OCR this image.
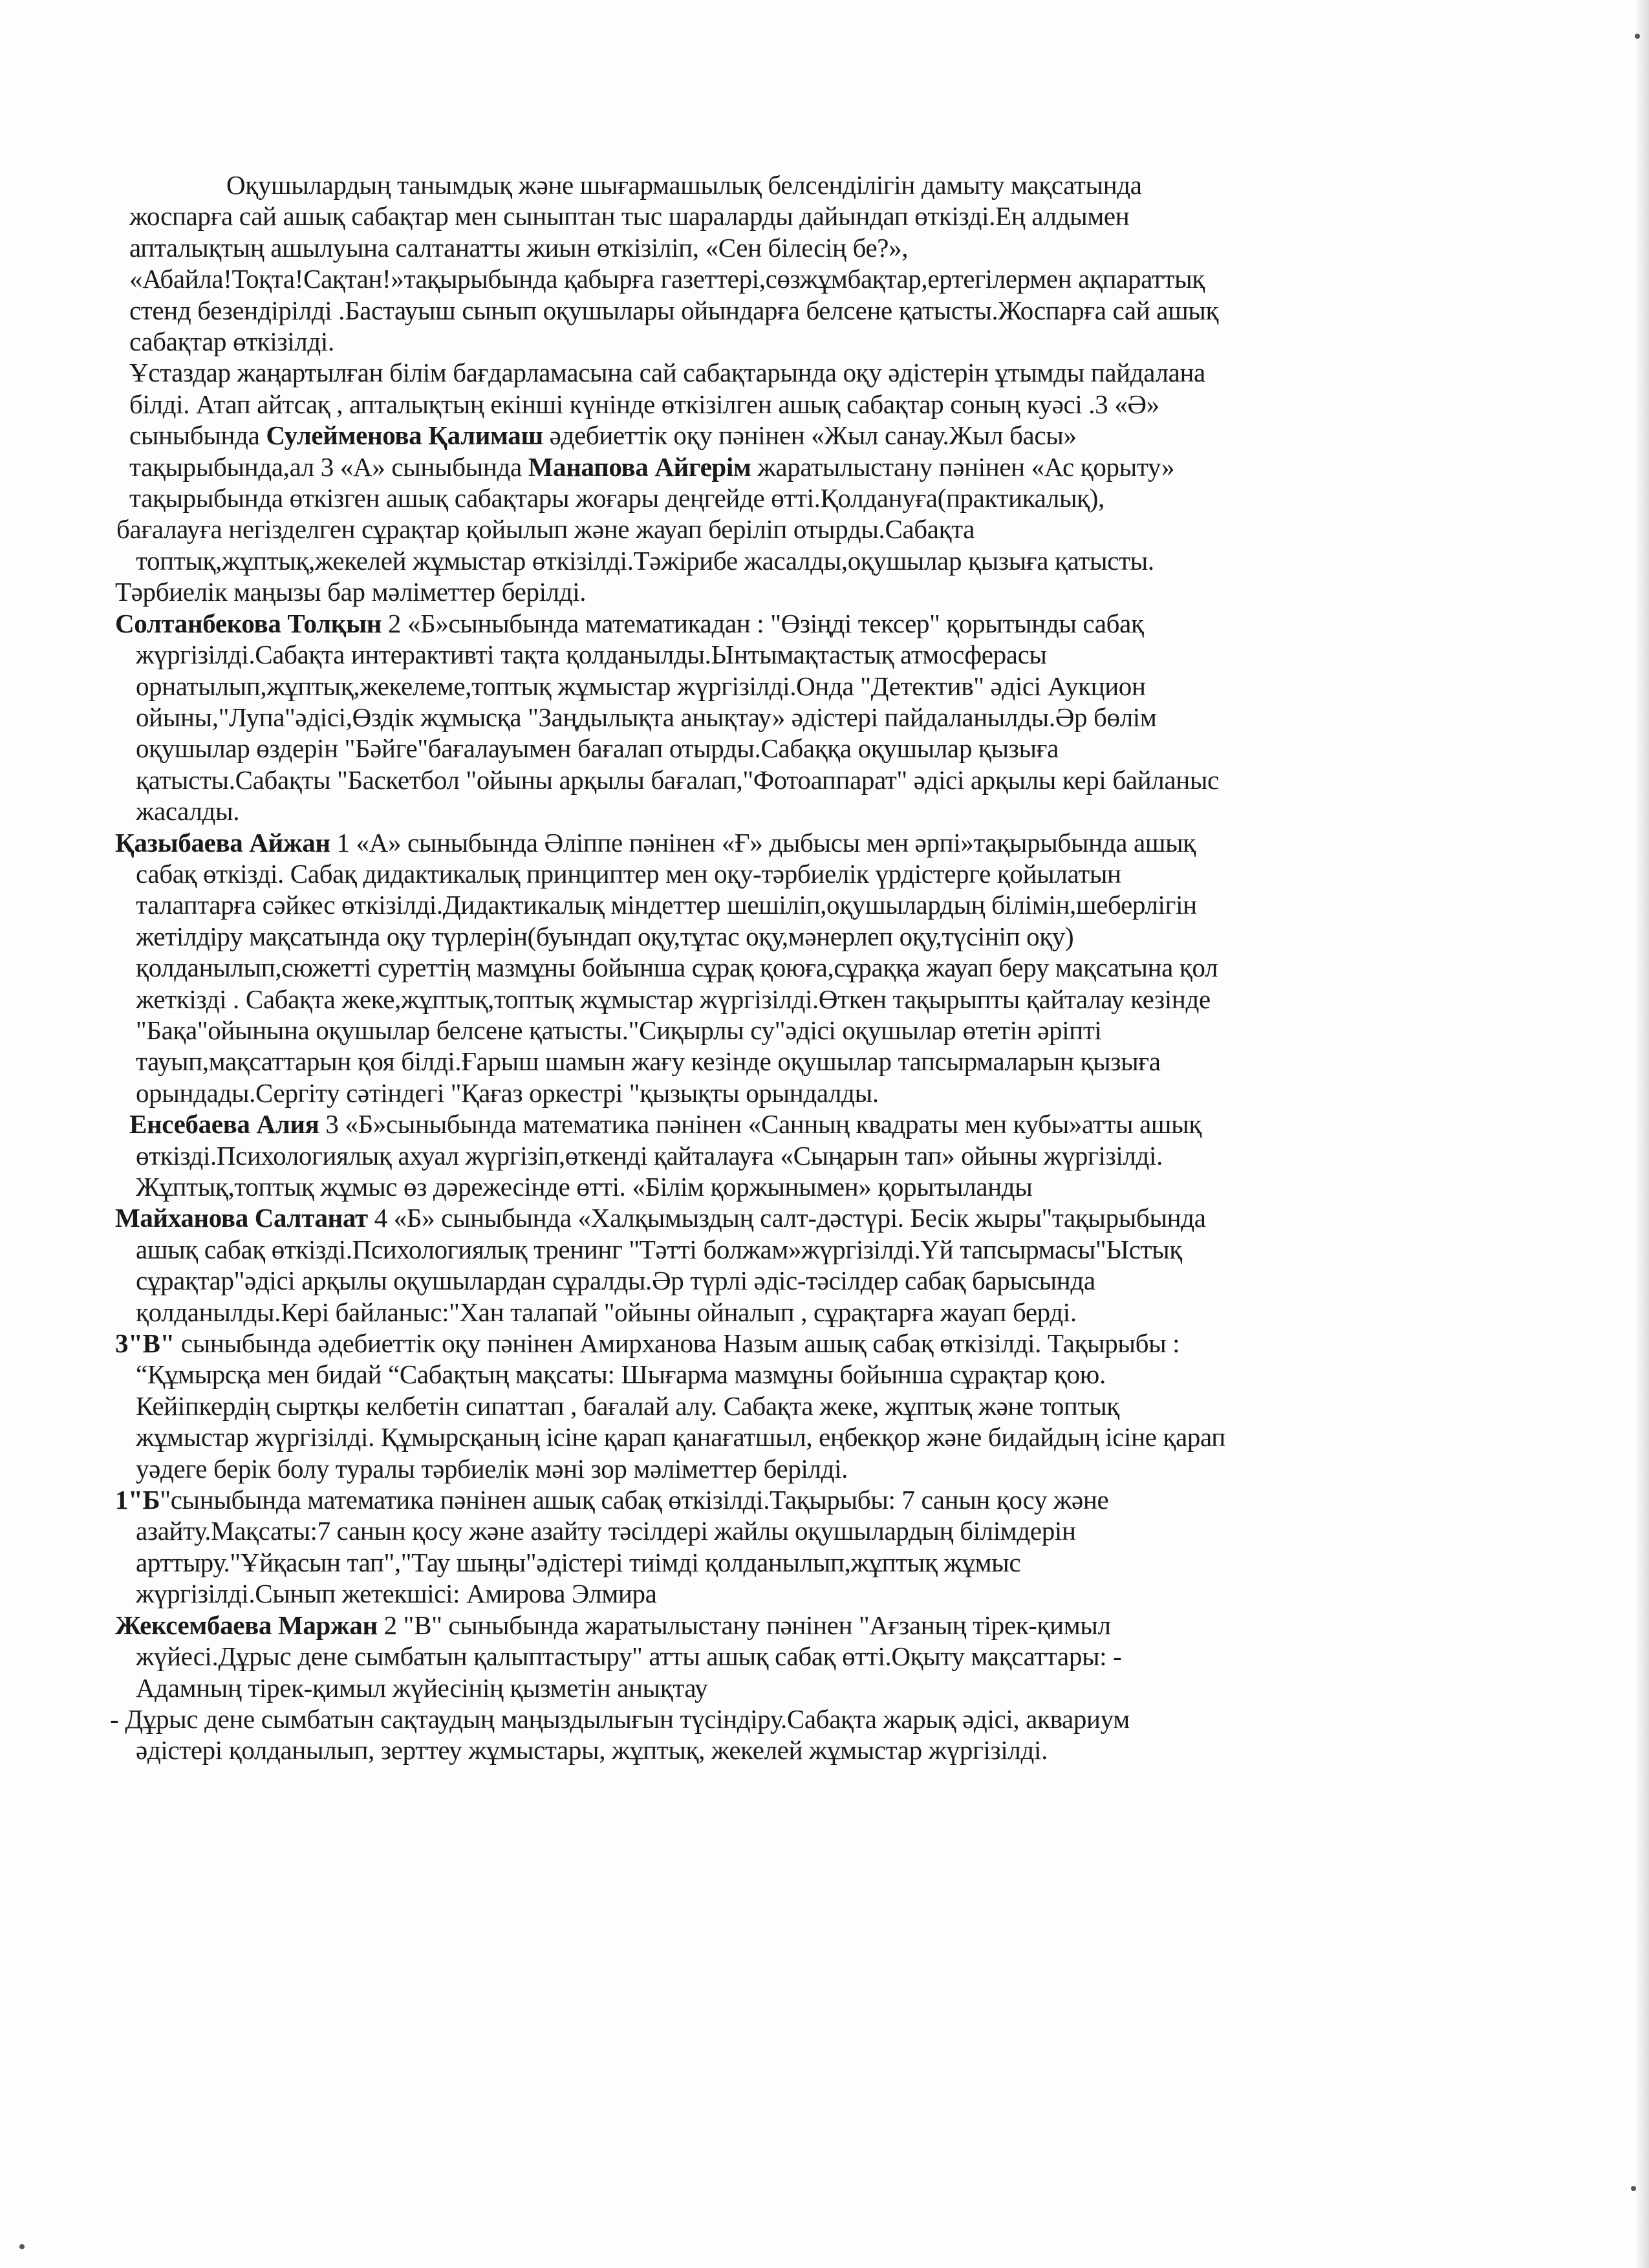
Оқушылардың танымдық және шығармашылық белсенділігін дамыту мақсатында
жоспарға сай ашық сабақтар мен сыныптан тыс шараларды дайындап өткізді.Ең алдымен
апталықтың ашылуына салтанатты жиын өткізіліп, «Сен білесің бе?»,
«Абайла!Тоқта!Сақтан!»тақырыбында қабырға газеттері,сөзжұмбақтар,ертегілермен ақпараттық
стенд безендірілді .Бастауыш сынып оқушылары ойындарға белсене қатысты.Жоспарға сай ашық
сабақтар өткізілді.
Ұстаздар жаңартылған білім бағдарламасына сай сабақтарында оқу әдістерін ұтымды пайдалана
білді. Атап айтсақ , апталықтың екінші күнінде өткізілген ашық сабақтар соның куәсі .3 «Ә»
сыныбында Сулейменова Қалимаш әдебиеттік оқу пәнінен «Жыл санау.Жыл басы»
тақырыбында,ал 3 «А» сыныбында Манапова Айгерім жаратылыстану пәнінен «Ас қорыту»
тақырыбында өткізген ашық сабақтары жоғары деңгейде өтті.Қолдануға(практикалық),
бағалауға негізделген сұрақтар қойылып және жауап беріліп отырды.Сабақта
топтық,жұптық,жекелей жұмыстар өткізілді.Тәжірибе жасалды,оқушылар қызыға қатысты.
Тәрбиелік маңызы бар мәліметтер берілді.
Солтанбекова Толқын 2 «Б»сыныбында математикадан : "Өзіңді тексер" қорытынды сабақ
жүргізілді.Сабақта интерактивті тақта қолданылды.Ынтымақтастық атмосферасы
орнатылып,жұптық,жекелеме,топтық жұмыстар жүргізілді.Онда "Детектив" әдісі Аукцион
ойыны,"Лупа"әдісі,Өздік жұмысқа "Заңдылықта анықтау» әдістері пайдаланылды.Әр бөлім
оқушылар өздерін "Бәйге"бағалауымен бағалап отырды.Сабаққа оқушылар қызыға
қатысты.Сабақты "Баскетбол "ойыны арқылы бағалап,"Фотоаппарат" әдісі арқылы кері байланыс
жасалды.
Қазыбаева Айжан 1 «А» сыныбында Әліппе пәнінен «Ғ» дыбысы мен әрпі»тақырыбында ашық
сабақ өткізді. Сабақ дидактикалық принциптер мен оқу-тәрбиелік үрдістерге қойылатын
талаптарға сәйкес өткізілді.Дидактикалық міндеттер шешіліп,оқушылардың білімін,шеберлігін
жетілдіру мақсатында оқу түрлерін(буындап оқу,тұтас оқу,мәнерлеп оқу,түсініп оқу)
қолданылып,сюжетті суреттің мазмұны бойынша сұрақ қоюға,сұраққа жауап беру мақсатына қол
жеткізді . Сабақта жеке,жұптық,топтық жұмыстар жүргізілді.Өткен тақырыпты қайталау кезінде
"Бақа"ойынына оқушылар белсене қатысты."Сиқырлы су"әдісі оқушылар өтетін әріпті
тауып,мақсаттарын қоя білді.Ғарыш шамын жағу кезінде оқушылар тапсырмаларын қызыға
орындады.Сергіту сәтіндегі "Қағаз оркестрі "қызықты орындалды.
Енсебаева Алия 3 «Б»сыныбында математика пәнінен «Санның квадраты мен кубы»атты ашық
өткізді.Психологиялық ахуал жүргізіп,өткенді қайталауға «Сыңарын тап» ойыны жүргізілді.
Жұптық,топтық жұмыс өз дәрежесінде өтті. «Білім қоржынымен» қорытыланды
Майханова Салтанат 4 «Б» сыныбында «Халқымыздың салт-дәстүрі. Бесік жыры"тақырыбында
ашық сабақ өткізді.Психологиялық тренинг "Тәтті болжам»жүргізілді.Үй тапсырмасы"Ыстық
сұрақтар"әдісі арқылы оқушылардан сұралды.Әр түрлі әдіс-тәсілдер сабақ барысында
қолданылды.Кері байланыс:"Хан талапай "ойыны ойналып , сұрақтарға жауап берді.
3"В" сыныбында әдебиеттік оқу пәнінен Амирханова Назым ашық сабақ өткізілді. Тақырыбы :
“Құмырсқа мен бидай “Сабақтың мақсаты: Шығарма мазмұны бойынша сұрақтар қою.
Кейіпкердің сыртқы келбетін сипаттап , бағалай алу. Сабақта жеке, жұптық және топтық
жұмыстар жүргізілді. Құмырсқаның ісіне қарап қанағатшыл, еңбекқор және бидайдың ісіне қарап
уәдеге берік болу туралы тәрбиелік мәні зор мәліметтер берілді.
1"Б"сыныбында математика пәнінен ашық сабақ өткізілді.Тақырыбы: 7 санын қосу және
азайту.Мақсаты:7 санын қосу және азайту тәсілдері жайлы оқушылардың білімдерін
арттыру."Ұйқасын тап","Тау шыңы"әдістері тиімді қолданылып,жұптық жұмыс
жүргізілді.Сынып жетекшісі: Амирова Элмира
Жексембаева Маржан 2 "В" сыныбында жаратылыстану пәнінен "Ағзаның тірек-қимыл
жүйесі.Дұрыс дене сымбатын қалыптастыру" атты ашық сабақ өтті.Оқыту мақсаттары: -
Адамның тірек-қимыл жүйесінің қызметін анықтау
- Дұрыс дене сымбатын сақтаудың маңыздылығын түсіндіру.Сабақта жарық әдісі, аквариум
әдістері қолданылып, зерттеу жұмыстары, жұптық, жекелей жұмыстар жүргізілді.
